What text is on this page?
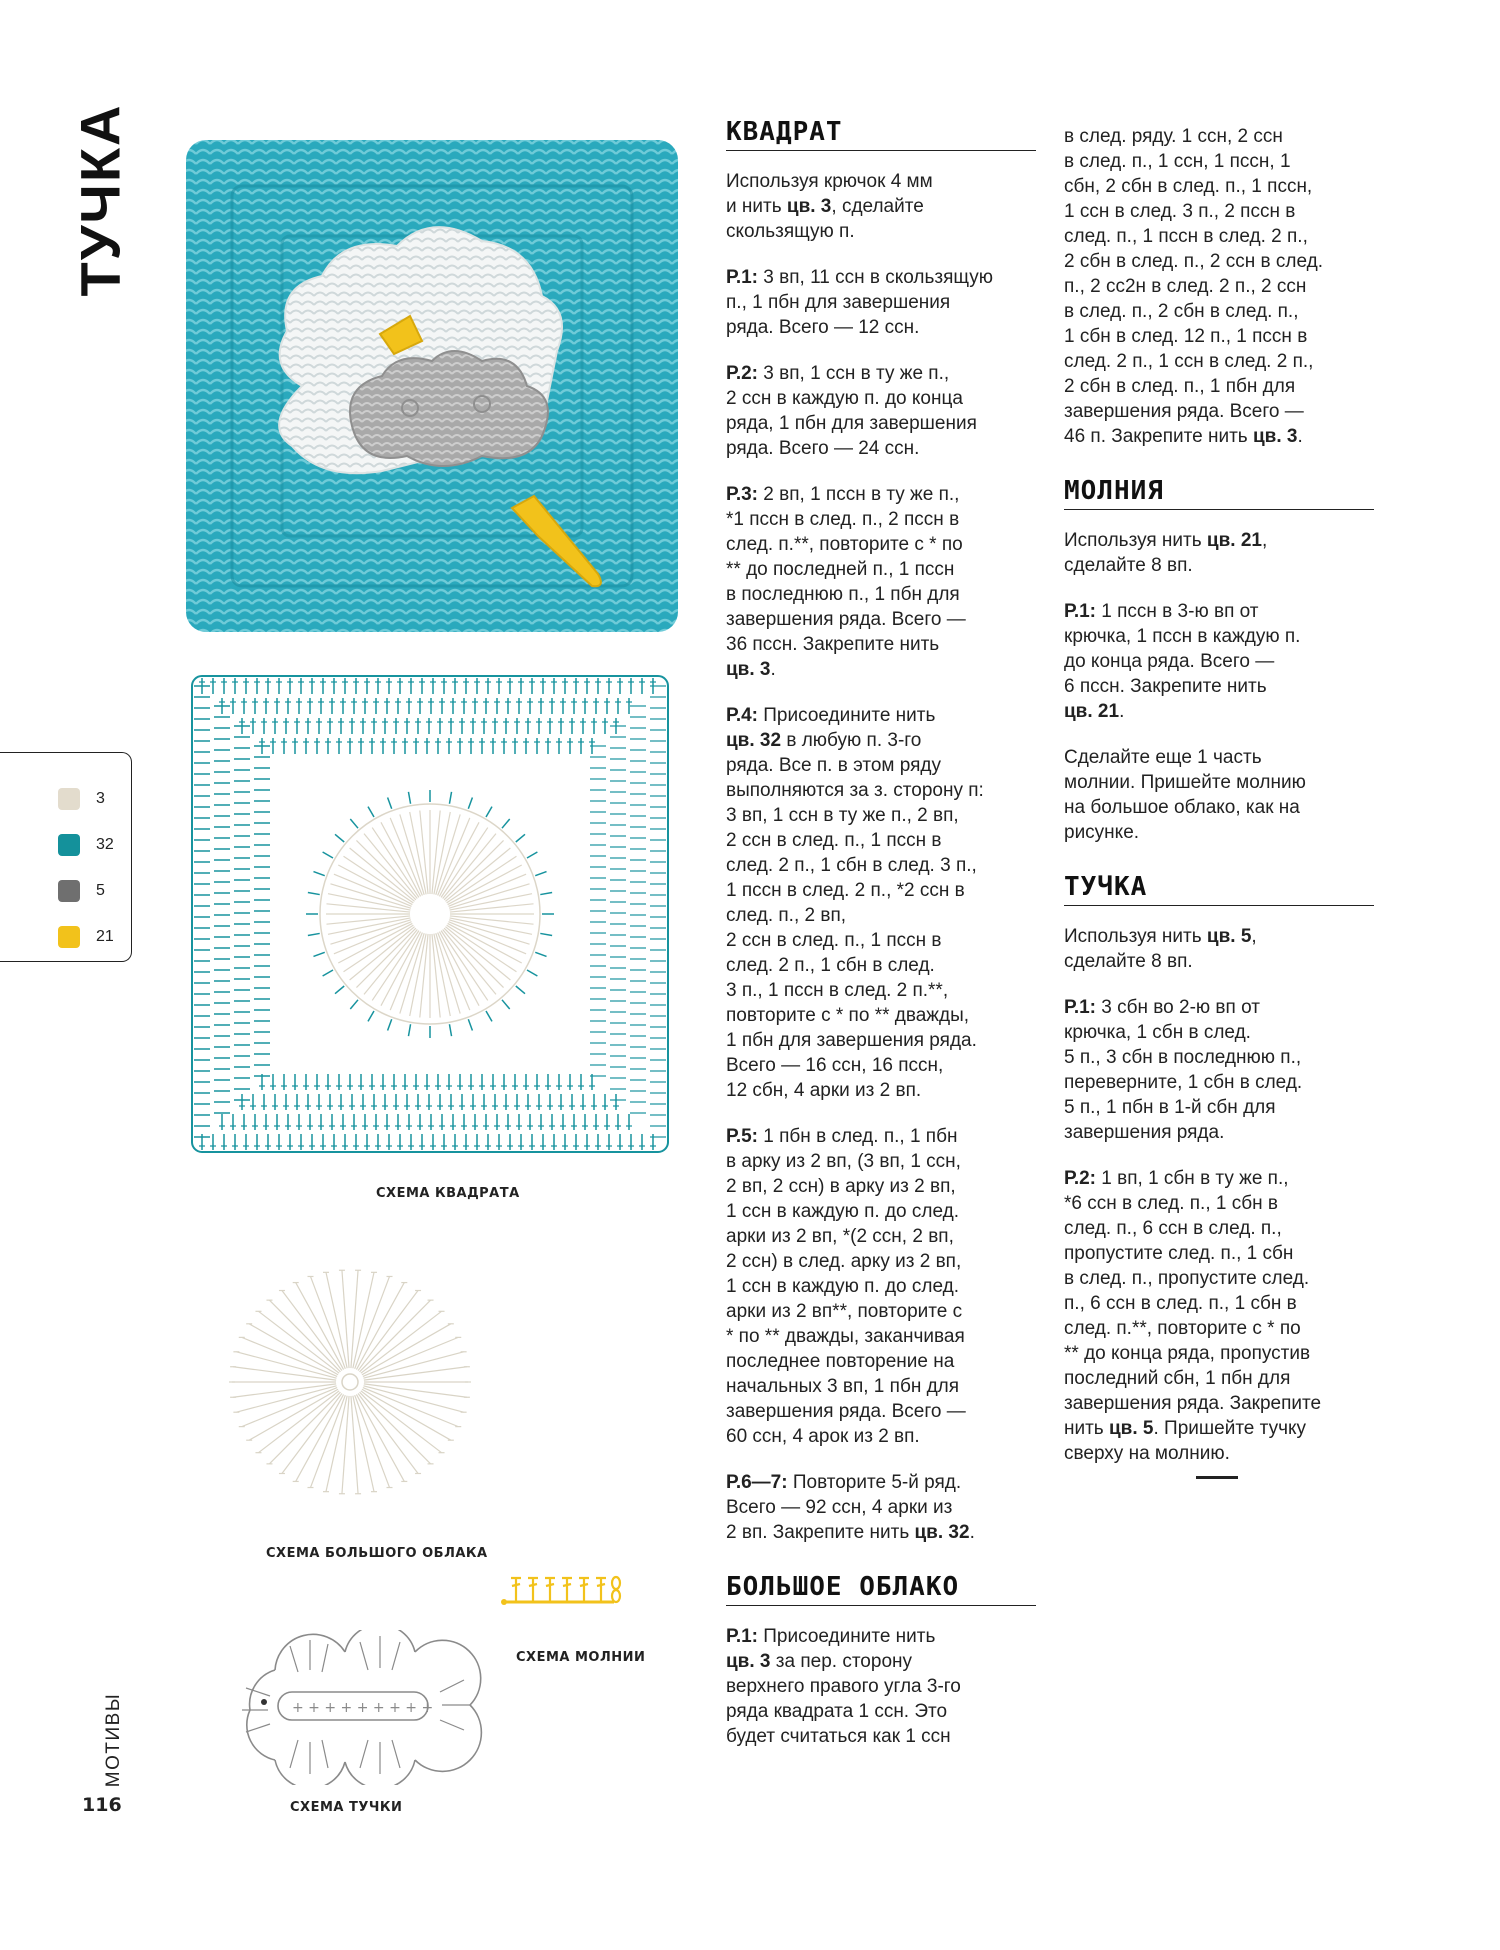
ТУЧКА
3
32
5
21
СХЕМА КВАДРАТА
СХЕМА БОЛЬШОГО ОБЛАКА
СХЕМА МОЛНИИ
+ + + + + + + + +
СХЕМА ТУЧКИ
МОТИВЫ
116
КВАДРАТ

Используя крючок 4 мм
и нить цв. 3, сделайте
скользящую п.

Р.1: 3 вп, 11 ссн в скользящую
п., 1 пбн для завершения
ряда. Всего — 12 ссн.

Р.2: 3 вп, 1 ссн в ту же п.,
2 ссн в каждую п. до конца
ряда, 1 пбн для завершения
ряда. Всего — 24 ссн.

Р.3: 2 вп, 1 пссн в ту же п.,
*1 пссн в след. п., 2 пссн в
след. п.**, повторите с * по
** до последней п., 1 пссн
в последнюю п., 1 пбн для
завершения ряда. Всего —
36 пссн. Закрепите нить
цв. 3.

Р.4: Присоедините нить
цв. 32 в любую п. 3-го
ряда. Все п. в этом ряду
выполняются за з. сторону п:
3 вп, 1 ссн в ту же п., 2 вп,
2 ссн в след. п., 1 пссн в
след. 2 п., 1 сбн в след. 3 п.,
1 пссн в след. 2 п., *2 ссн в
след. п., 2 вп,
2 ссн в след. п., 1 пссн в
след. 2 п., 1 сбн в след.
3 п., 1 пссн в след. 2 п.**,
повторите с * по ** дважды,
1 пбн для завершения ряда.
Всего — 16 ссн, 16 пссн,
12 сбн, 4 арки из 2 вп.

Р.5: 1 пбн в след. п., 1 пбн
в арку из 2 вп, (3 вп, 1 ссн,
2 вп, 2 ссн) в арку из 2 вп,
1 ссн в каждую п. до след.
арки из 2 вп, *(2 ссн, 2 вп,
2 ссн) в след. арку из 2 вп,
1 ссн в каждую п. до след.
арки из 2 вп**, повторите с
* по ** дважды, заканчивая
последнее повторение на
начальных 3 вп, 1 пбн для
завершения ряда. Всего —
60 ссн, 4 арок из 2 вп.

Р.6—7: Повторите 5-й ряд.
Всего — 92 ссн, 4 арки из
2 вп. Закрепите нить цв. 32.

БОЛЬШОЕ ОБЛАКО

Р.1: Присоедините нить
цв. 3 за пер. сторону
верхнего правого угла 3-го
ряда квадрата 1 ссн. Это
будет считаться как 1 ссн

в след. ряду. 1 ссн, 2 ссн
в след. п., 1 ссн, 1 пссн, 1
сбн, 2 сбн в след. п., 1 пссн,
1 ссн в след. 3 п., 2 пссн в
след. п., 1 пссн в след. 2 п.,
2 сбн в след. п., 2 ссн в след.
п., 2 сс2н в след. 2 п., 2 ссн
в след. п., 2 сбн в след. п.,
1 сбн в след. 12 п., 1 пссн в
след. 2 п., 1 ссн в след. 2 п.,
2 сбн в след. п., 1 пбн для
завершения ряда. Всего —
46 п. Закрепите нить цв. 3.

МОЛНИЯ

Используя нить цв. 21,
сделайте 8 вп.

Р.1: 1 пссн в 3-ю вп от
крючка, 1 пссн в каждую п.
до конца ряда. Всего —
6 пссн. Закрепите нить
цв. 21.

Сделайте еще 1 часть
молнии. Пришейте молнию
на большое облако, как на
рисунке.

ТУЧКА

Используя нить цв. 5,
сделайте 8 вп.

Р.1: 3 сбн во 2-ю вп от
крючка, 1 сбн в след.
5 п., 3 сбн в последнюю п.,
переверните, 1 сбн в след.
5 п., 1 пбн в 1-й сбн для
завершения ряда.

Р.2: 1 вп, 1 сбн в ту же п.,
*6 ссн в след. п., 1 сбн в
след. п., 6 ссн в след. п.,
пропустите след. п., 1 сбн
в след. п., пропустите след.
п., 6 ссн в след. п., 1 сбн в
след. п.**, повторите с * по
** до конца ряда, пропустив
последний сбн, 1 пбн для
завершения ряда. Закрепите
нить цв. 5. Пришейте тучку
сверху на молнию.
